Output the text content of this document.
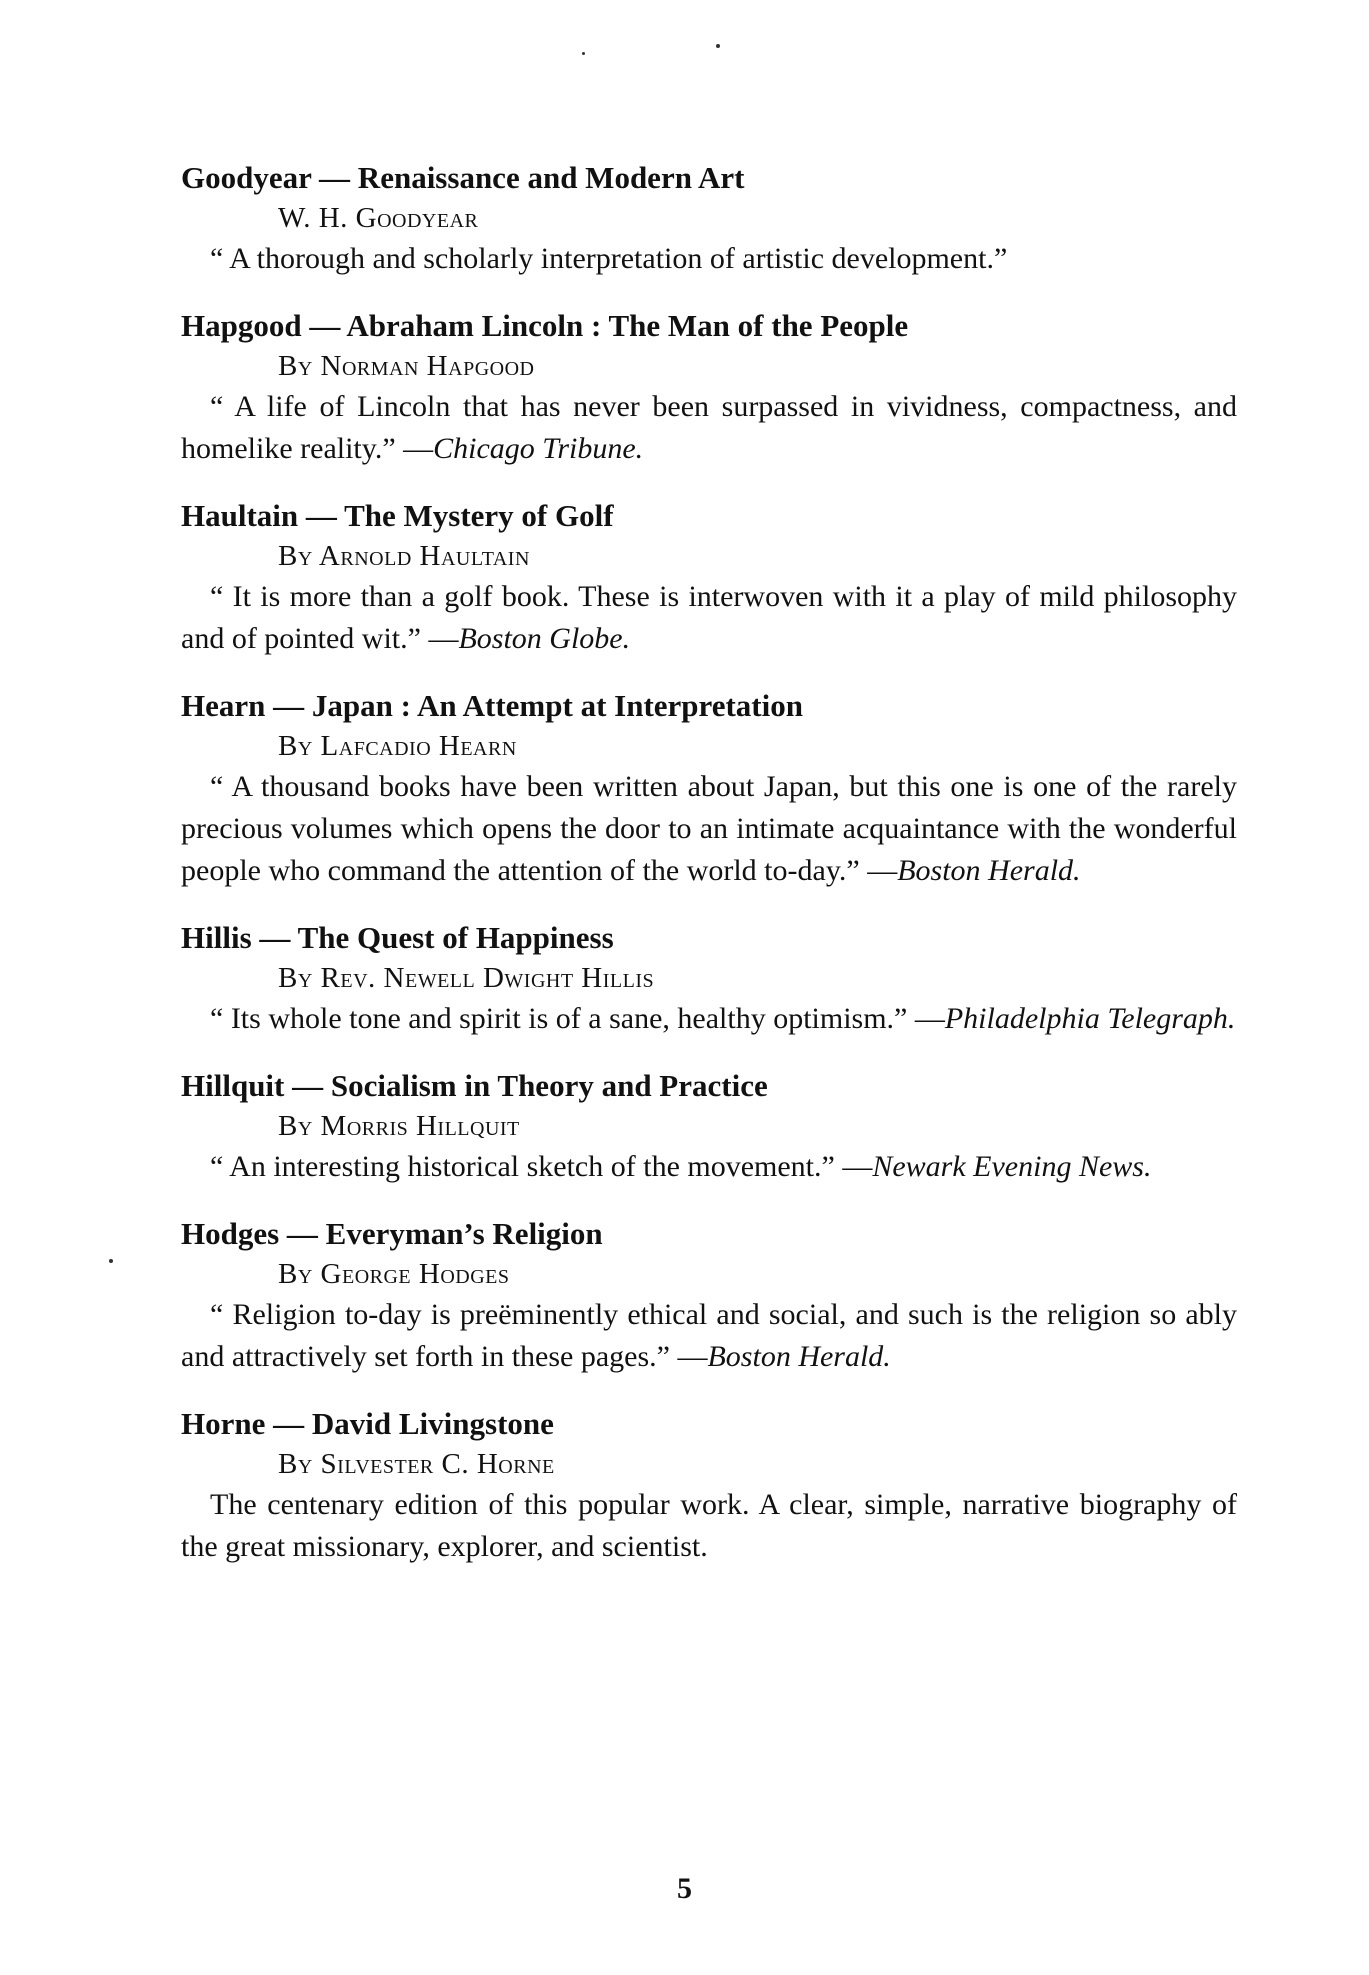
Goodyear — Renaissance and Modern Art

W. H. Goodyear

“ A thorough and scholarly interpretation of artistic development.”

Hapgood — Abraham Lincoln : The Man of the People

By Norman Hapgood

“ A life of Lincoln that has never been surpassed in vividness, compactness, and homelike reality.” —Chicago Tribune.

Haultain — The Mystery of Golf

By Arnold Haultain

“ It is more than a golf book. These is interwoven with it a play of mild philosophy and of pointed wit.” —Boston Globe.

Hearn — Japan : An Attempt at Interpretation

By Lafcadio Hearn

“ A thousand books have been written about Japan, but this one is one of the rarely precious volumes which opens the door to an intimate acquaintance with the wonderful people who command the attention of the world to-day.” —Boston Herald.

Hillis — The Quest of Happiness

By Rev. Newell Dwight Hillis

“ Its whole tone and spirit is of a sane, healthy optimism.” —Philadelphia Telegraph.

Hillquit — Socialism in Theory and Practice

By Morris Hillquit

“ An interesting historical sketch of the movement.” —Newark Evening News.

Hodges — Everyman’s Religion

By George Hodges

“ Religion to-day is preëminently ethical and social, and such is the religion so ably and attractively set forth in these pages.” —Boston Herald.

Horne — David Livingstone

By Silvester C. Horne

The centenary edition of this popular work. A clear, simple, narrative biography of the great missionary, explorer, and scientist.

5
